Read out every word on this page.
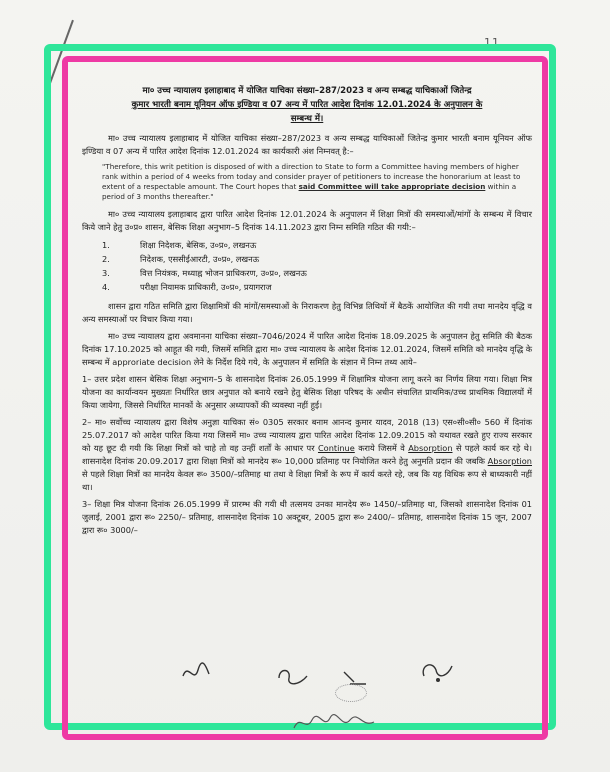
11
मा० उच्च न्यायालय इलाहाबाद में योजित याचिका संख्या–287/2023 व अन्य सम्बद्ध याचिकाओं जितेन्द्र
कुमार भारती बनाम यूनियन ऑफ इण्डिया व 07 अन्य में पारित आदेश दिनांक 12.01.2024 के अनुपालन के
सम्बन्ध में।

मा० उच्च न्यायालय इलाहाबाद में योजित याचिका संख्या–287/2023 व अन्य सम्बद्ध याचिकाओं जितेन्द्र कुमार भारती बनाम यूनियन ऑफ इण्डिया व 07 अन्य में पारित आदेश दिनांक 12.01.2024 का कार्यकारी अंश निम्नवत् है:–

"Therefore, this writ petition is disposed of with a direction to State to form a Committee having members of higher rank within a period of 4 weeks from today and consider prayer of petitioners to increase the honorarium at least to extent of a respectable amount. The Court hopes that said Committee will take appropriate decision within a period of 3 months thereafter."

मा० उच्च न्यायालय इलाहाबाद द्वारा पारित आदेश दिनांक 12.01.2024 के अनुपालन में शिक्षा मित्रों की समस्याओं/मांगों के सम्बन्ध में विचार किये जाने हेतु उ०प्र० शासन, बेसिक शिक्षा अनुभाग–5 दिनांक 14.11.2023 द्वारा निम्न समिति गठित की गयी:–

1.	शिक्षा निदेशक, बेसिक, उ०प्र०, लखनऊ
2.	निदेशक, एससीईआरटी, उ०प्र०, लखनऊ
3.	वित्त नियंत्रक, मध्याह्न भोजन प्राधिकरण, उ०प्र०, लखनऊ
4.	परीक्षा नियामक प्राधिकारी, उ०प्र०, प्रयागराज

शासन द्वारा गठित समिति द्वारा शिक्षामित्रों की मांगों/समस्याओं के निराकरण हेतु विभिन्न तिथियों में बैठकें आयोजित की गयी तथा मानदेय वृद्धि व अन्य समस्याओं पर विचार किया गया।

मा० उच्च न्यायालय द्वारा अवमानना याचिका संख्या–7046/2024 में पारित आदेश दिनांक 18.09.2025 के अनुपालन हेतु समिति की बैठक दिनांक 17.10.2025 को आहूत की गयी, जिसमें समिति द्वारा मा० उच्च न्यायालय के आदेश दिनांक 12.01.2024, जिसमें समिति को मानदेय वृद्धि के सम्बन्ध में approriate decision लेने के निर्देश दिये गये, के अनुपालन में समिति के संज्ञान में निम्न तथ्य आये–

1– उत्तर प्रदेश शासन बेसिक शिक्षा अनुभाग–5 के शासनादेश दिनांक 26.05.1999 में शिक्षामित्र योजना लागू करने का निर्णय लिया गया। शिक्षा मित्र योजना का कार्यान्वयन मुख्यतः निर्धारित छात्र अनुपात को बनाये रखने हेतु बेसिक शिक्षा परिषद के अधीन संचालित प्राथमिक/उच्च प्राथमिक विद्यालयों में किया जायेगा, जिससे निर्धारित मानकों के अनुसार अध्यापकों की व्यवस्था नहीं हुई।

2– मा० सर्वोच्च न्यायालय द्वारा विशेष अनुज्ञा याचिका सं० 0305 सरकार बनाम आनन्द कुमार यादव, 2018 (13) एस०सी०सी० 560 में दिनांक 25.07.2017 को आदेश पारित किया गया जिसमें मा० उच्च न्यायालय द्वारा पारित आदेश दिनांक 12.09.2015 को यथावत रखते हुए राज्य सरकार को यह छूट दी गयी कि शिक्षा मित्रों को चाहे तो वह उन्हीं शर्तों के आधार पर Continue कराये जिसमें वे Absorption से पहले कार्य कर रहे थे। शासनादेश दिनांक 20.09.2017 द्वारा शिक्षा मित्रों को मानदेय रू० 10,000 प्रतिमाह पर नियोजित करने हेतु अनुमति प्रदान की जबकि Absorption से पहले शिक्षा मित्रों का मानदेय केवल रू० 3500/–प्रतिमाह था तथा वे शिक्षा मित्रों के रूप में कार्य करते रहे, जब कि यह विधिक रूप से बाध्यकारी नहीं था।

3– शिक्षा मित्र योजना दिनांक 26.05.1999 में प्रारम्भ की गयी थी तत्समय उनका मानदेय रू० 1450/–प्रतिमाह था, जिसको शासनादेश दिनांक 01 जुलाई, 2001 द्वारा रू० 2250/– प्रतिमाह, शासनादेश दिनांक 10 अक्टूबर, 2005 द्वारा रू० 2400/– प्रतिमाह, शासनादेश दिनांक 15 जून, 2007 द्वारा रू० 3000/–
